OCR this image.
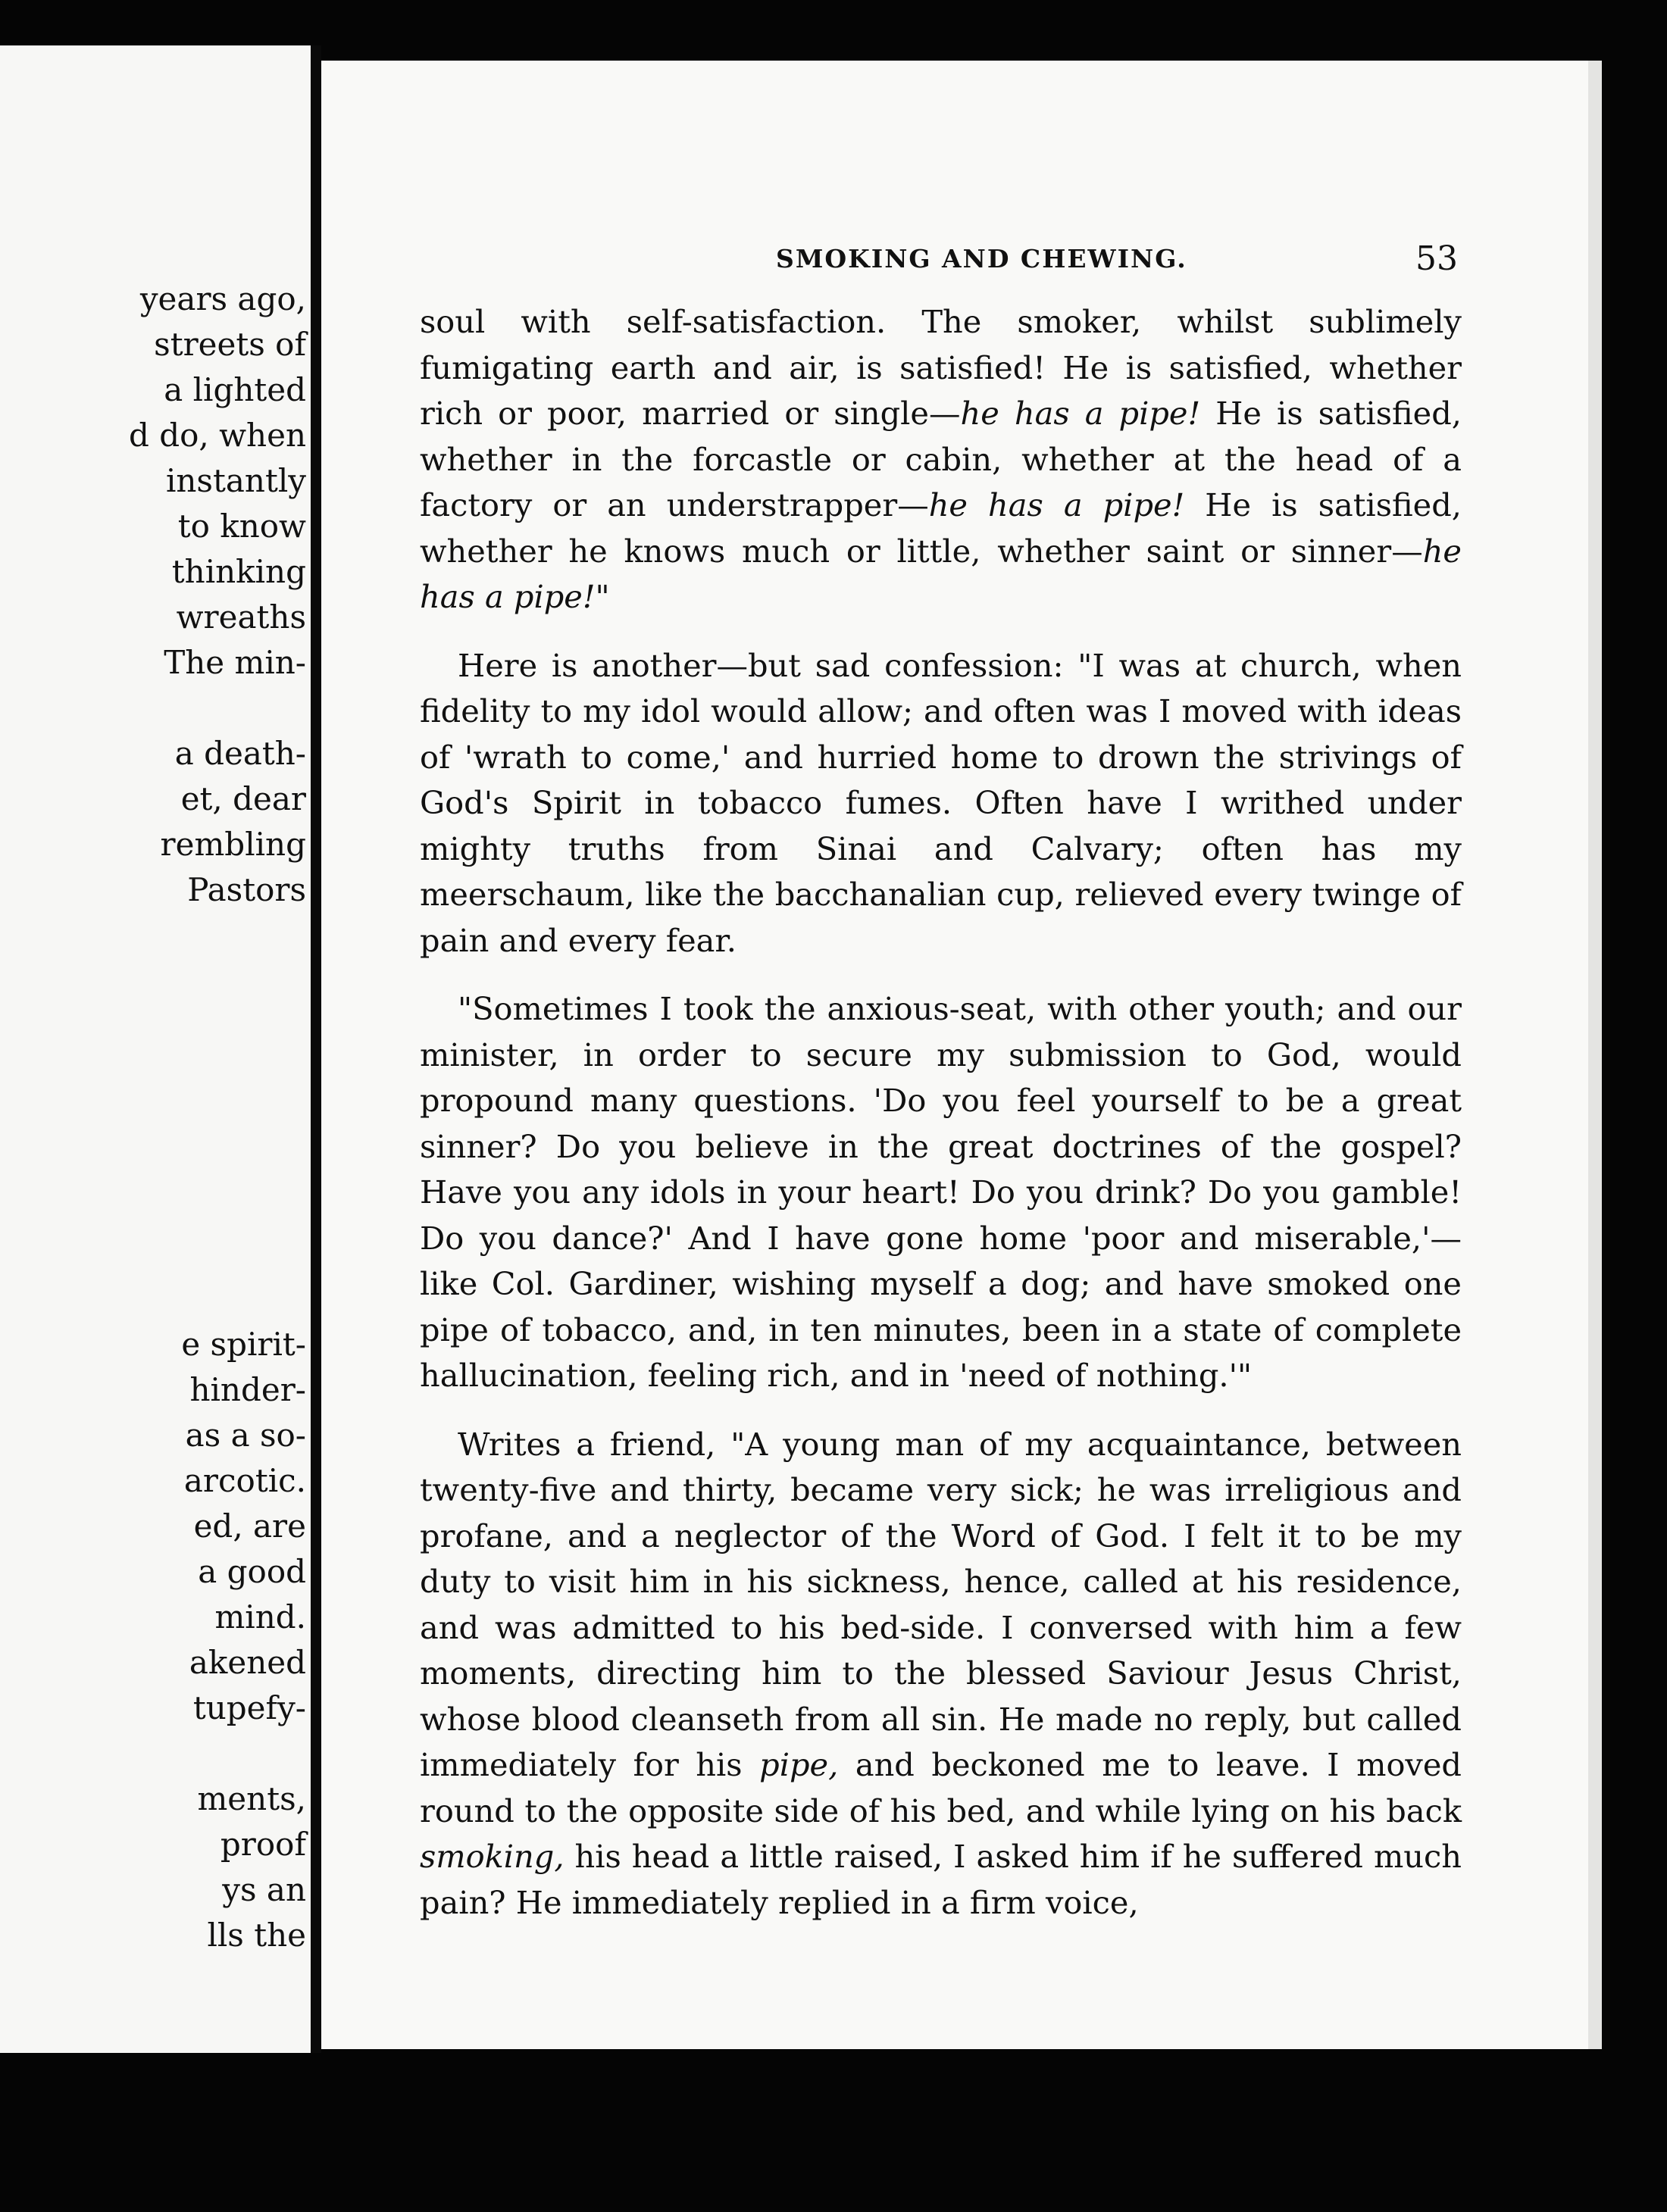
years ago,
streets of
a lighted
d do, when
instantly
to know
thinking
wreaths
The min-
a death-
et, dear
rembling
Pastors
e spirit-
hinder-
as a so-
arcotic.
ed, are
a good
mind.
akened
tupefy-
ments,
proof
ys an
lls the
SMOKING AND CHEWING.	53

soul with self-satisfaction. The smoker, whilst sublimely fumigating earth and air, is satisfied! He is satisfied, whether rich or poor, married or single—he has a pipe! He is satisfied, whether in the forcastle or cabin, whether at the head of a factory or an understrapper—he has a pipe! He is satisfied, whether he knows much or little, whether saint or sinner—he has a pipe!"

Here is another—but sad confession: "I was at church, when fidelity to my idol would allow; and often was I moved with ideas of 'wrath to come,' and hurried home to drown the strivings of God's Spirit in tobacco fumes. Often have I writhed under mighty truths from Sinai and Calvary; often has my meerschaum, like the bacchanalian cup, relieved every twinge of pain and every fear.

"Sometimes I took the anxious-seat, with other youth; and our minister, in order to secure my submission to God, would propound many questions. 'Do you feel yourself to be a great sinner? Do you believe in the great doctrines of the gospel? Have you any idols in your heart! Do you drink? Do you gamble! Do you dance?' And I have gone home 'poor and miserable,'—like Col. Gardiner, wishing myself a dog; and have smoked one pipe of tobacco, and, in ten minutes, been in a state of complete hallucination, feeling rich, and in 'need of nothing.'"

Writes a friend, "A young man of my acquaintance, between twenty-five and thirty, became very sick; he was irreligious and profane, and a neglector of the Word of God. I felt it to be my duty to visit him in his sickness, hence, called at his residence, and was admitted to his bed-side. I conversed with him a few moments, directing him to the blessed Saviour Jesus Christ, whose blood cleanseth from all sin. He made no reply, but called immediately for his pipe, and beckoned me to leave. I moved round to the opposite side of his bed, and while lying on his back smoking, his head a little raised, I asked him if he suffered much pain? He immediately replied in a firm voice,
